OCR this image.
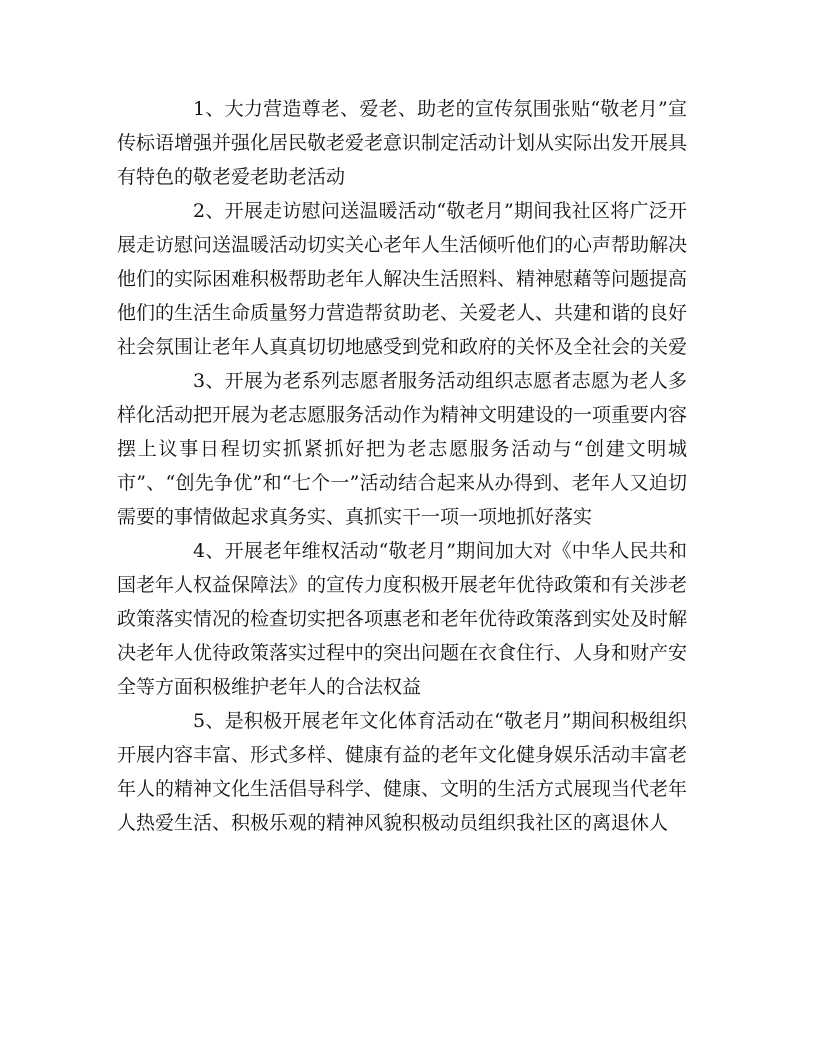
1、大力营造尊老、爱老、助老的宣传氛围张贴“敬老月”宣传标语增强并强化居民敬老爱老意识制定活动计划从实际出发开展具有特色的敬老爱老助老活动

2、开展走访慰问送温暖活动“敬老月”期间我社区将广泛开展走访慰问送温暖活动切实关心老年人生活倾听他们的心声帮助解决他们的实际困难积极帮助老年人解决生活照料、精神慰藉等问题提高他们的生活生命质量努力营造帮贫助老、关爱老人、共建和谐的良好社会氛围让老年人真真切切地感受到党和政府的关怀及全社会的关爱

3、开展为老系列志愿者服务活动组织志愿者志愿为老人多样化活动把开展为老志愿服务活动作为精神文明建设的一项重要内容摆上议事日程切实抓紧抓好把为老志愿服务活动与“创建文明城市”、“创先争优”和“七个一”活动结合起来从办得到、老年人又迫切需要的事情做起求真务实、真抓实干一项一项地抓好落实

4、开展老年维权活动“敬老月”期间加大对《中华人民共和国老年人权益保障法》的宣传力度积极开展老年优待政策和有关涉老政策落实情况的检查切实把各项惠老和老年优待政策落到实处及时解决老年人优待政策落实过程中的突出问题在衣食住行、人身和财产安全等方面积极维护老年人的合法权益

5、是积极开展老年文化体育活动在“敬老月”期间积极组织开展内容丰富、形式多样、健康有益的老年文化健身娱乐活动丰富老年人的精神文化生活倡导科学、健康、文明的生活方式展现当代老年人热爱生活、积极乐观的精神风貌积极动员组织我社区的离退休人
